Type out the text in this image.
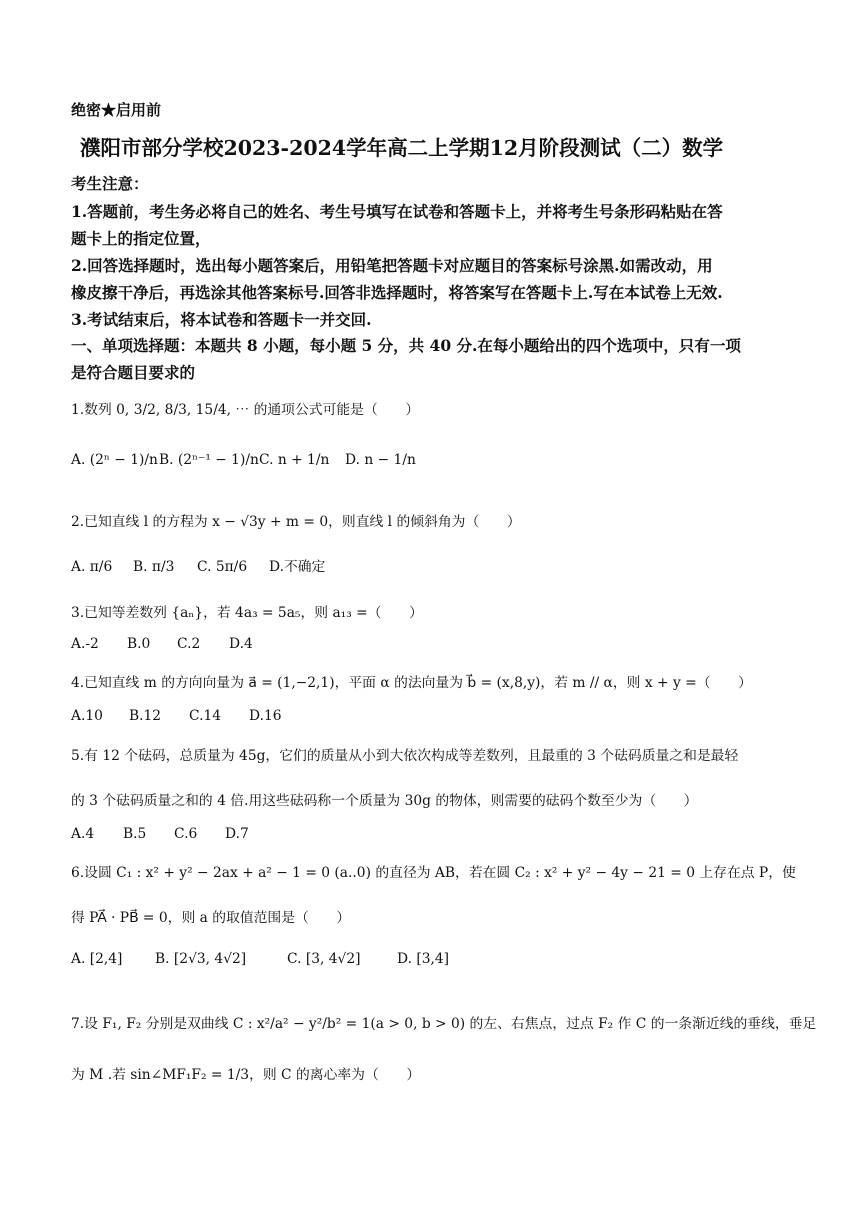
绝密★启用前
濮阳市部分学校2023-2024学年高二上学期12月阶段测试（二）数学
考生注意：
1.答题前，考生务必将自己的姓名、考生号填写在试卷和答题卡上，并将考生号条形码粘贴在答
题卡上的指定位置，
2.回答选择题时，选出每小题答案后，用铅笔把答题卡对应题目的答案标号涂黑.如需改动，用
橡皮擦干净后，再选涂其他答案标号.回答非选择题时，将答案写在答题卡上.写在本试卷上无效.
3.考试结束后，将本试卷和答题卡一并交回.
一、单项选择题：本题共 8 小题，每小题 5 分，共 40 分.在每小题给出的四个选项中，只有一项
是符合题目要求的
1.数列 0, 3/2, 8/3, 15/4, ⋯ 的通项公式可能是（　　）
A. (2ⁿ − 1)/nB. (2ⁿ⁻¹ − 1)/nC. n + 1/n D. n − 1/n
2.已知直线 l 的方程为 x − √3y + m = 0，则直线 l 的倾斜角为（　　）
A. π/6 B. π/3 C. 5π/6 D.不确定
3.已知等差数列 {aₙ}，若 4a₃ = 5a₅，则 a₁₃ =（　　）
A.-2 B.0 C.2 D.4
4.已知直线 m 的方向向量为 a⃗ = (1,−2,1)，平面 α 的法向量为 b⃗ = (x,8,y)，若 m // α，则 x + y =（　　）
A.10 B.12 C.14 D.16
5.有 12 个砝码，总质量为 45g，它们的质量从小到大依次构成等差数列，且最重的 3 个砝码质量之和是最轻
的 3 个砝码质量之和的 4 倍.用这些砝码称一个质量为 30g 的物体，则需要的砝码个数至少为（　　）
A.4 B.5 C.6 D.7
6.设圆 C₁ : x² + y² − 2ax + a² − 1 = 0 (a..0) 的直径为 AB，若在圆 C₂ : x² + y² − 4y − 21 = 0 上存在点 P，使
得 PA⃗ · PB⃗ = 0，则 a 的取值范围是（　　）
A. [2,4] B. [2√3, 4√2]	C. [3, 4√2]	D. [3,4]
7.设 F₁, F₂ 分别是双曲线 C : x²/a² − y²/b² = 1(a > 0, b > 0) 的左、右焦点，过点 F₂ 作 C 的一条渐近线的垂线，垂足
为 M .若 sin∠MF₁F₂ = 1/3，则 C 的离心率为（　　）
